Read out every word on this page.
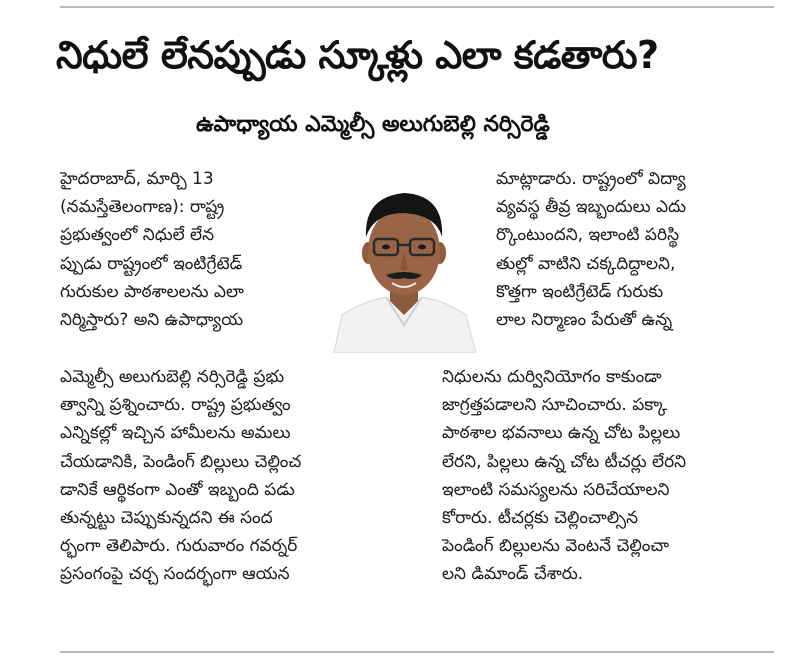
నిధులే లేనప్పుడు స్కూళ్లు ఎలా కడతారు?
ఉపాధ్యాయ ఎమ్మెల్సీ అలుగుబెల్లి నర్సిరెడ్డి
హైదరాబాద్, మార్చి 13
(నమస్తేతెలంగాణ): రాష్ట్ర
ప్రభుత్వంలో నిధులే లేన
ప్పుడు రాష్ట్రంలో ఇంటిగ్రేటెడ్
గురుకుల పాఠశాలలను ఎలా
నిర్మిస్తారు? అని ఉపాధ్యాయ
మాట్లాడారు. రాష్ట్రంలో విద్యా
వ్యవస్థ తీవ్ర ఇబ్బందులు ఎదు
ర్కొంటుందని, ఇలాంటి పరిస్థి
తుల్లో వాటిని చక్కదిద్దాలని,
కొత్తగా ఇంటిగ్రేటెడ్ గురుకు
లాల నిర్మాణం పేరుతో ఉన్న
ఎమ్మెల్సీ అలుగుబెల్లి నర్సిరెడ్డి ప్రభు	నిధులను దుర్వినియోగం కాకుండా
త్వాన్ని ప్రశ్నించారు. రాష్ట్ర ప్రభుత్వం	జాగ్రత్తపడాలని సూచించారు. పక్కా
ఎన్నికల్లో ఇచ్చిన హామీలను అమలు	పాఠశాల భవనాలు ఉన్న చోట పిల్లలు
చేయడానికి, పెండింగ్ బిల్లులు చెల్లించ	లేరని, పిల్లలు ఉన్న చోట టీచర్లు లేరని
డానికే ఆర్థికంగా ఎంతో ఇబ్బంది పడు	ఇలాంటి సమస్యలను సరిచేయాలని
తున్నట్టు చెప్పుకున్నదని ఈ సంద	కోరారు. టీచర్లకు చెల్లించాల్సిన
ర్భంగా తెలిపారు. గురువారం గవర్నర్	పెండింగ్ బిల్లులను వెంటనే చెల్లించా
ప్రసంగంపై చర్చ సందర్భంగా ఆయన	లని డిమాండ్ చేశారు.
